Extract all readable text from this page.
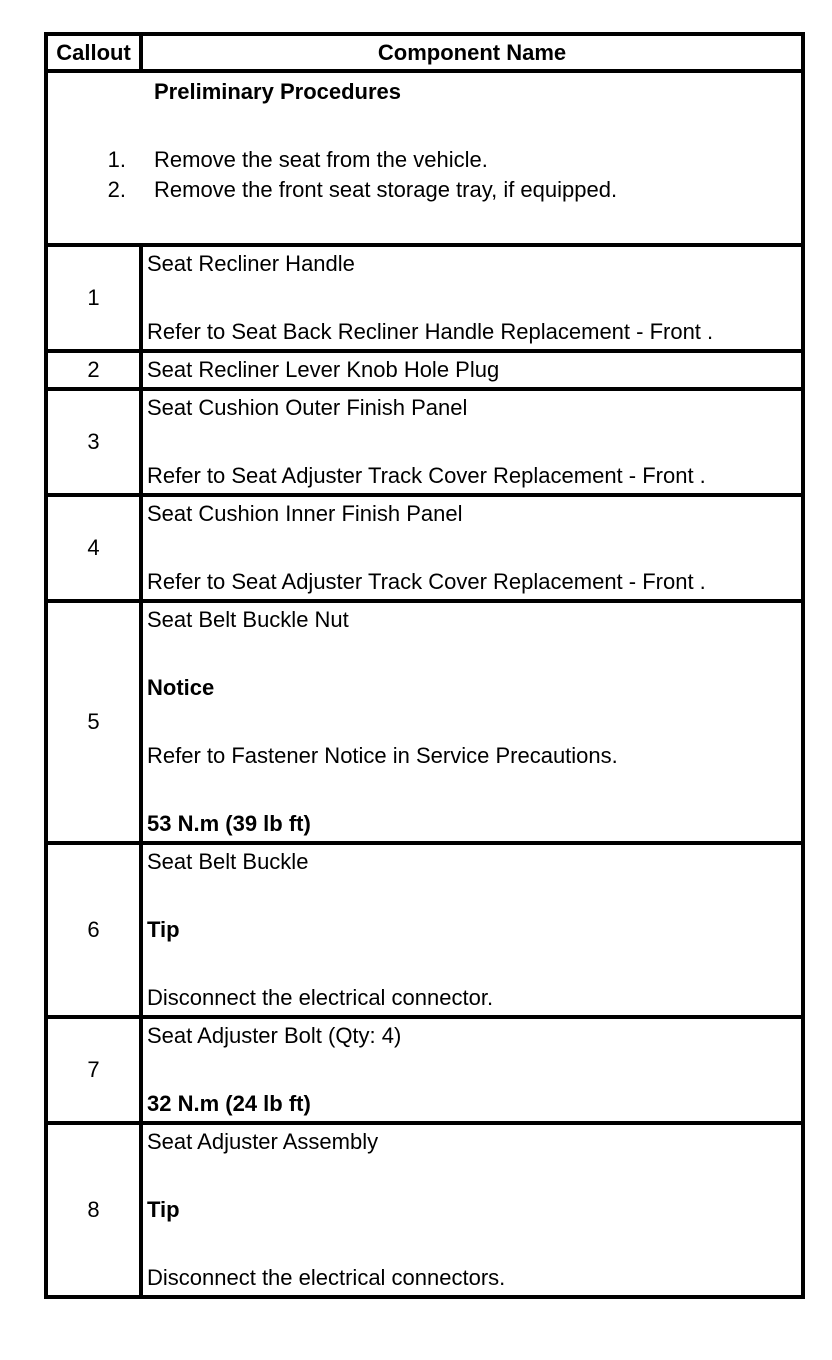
Callout	Component Name

Preliminary Procedures
1. Remove the seat from the vehicle.
2. Remove the front seat storage tray, if equipped.	

1	Seat Recliner Handle
Refer to Seat Back Recliner Handle Replacement - Front .

2	Seat Recliner Lever Knob Hole Plug

3	Seat Cushion Outer Finish Panel
Refer to Seat Adjuster Track Cover Replacement - Front .

4	Seat Cushion Inner Finish Panel
Refer to Seat Adjuster Track Cover Replacement - Front .

5	Seat Belt Buckle Nut
Notice
Refer to Fastener Notice in Service Precautions.
53 N.m (39 lb ft)

6	Seat Belt Buckle
Tip
Disconnect the electrical connector.

7	Seat Adjuster Bolt (Qty: 4)
32 N.m (24 lb ft)

8	Seat Adjuster Assembly
Tip
Disconnect the electrical connectors.
